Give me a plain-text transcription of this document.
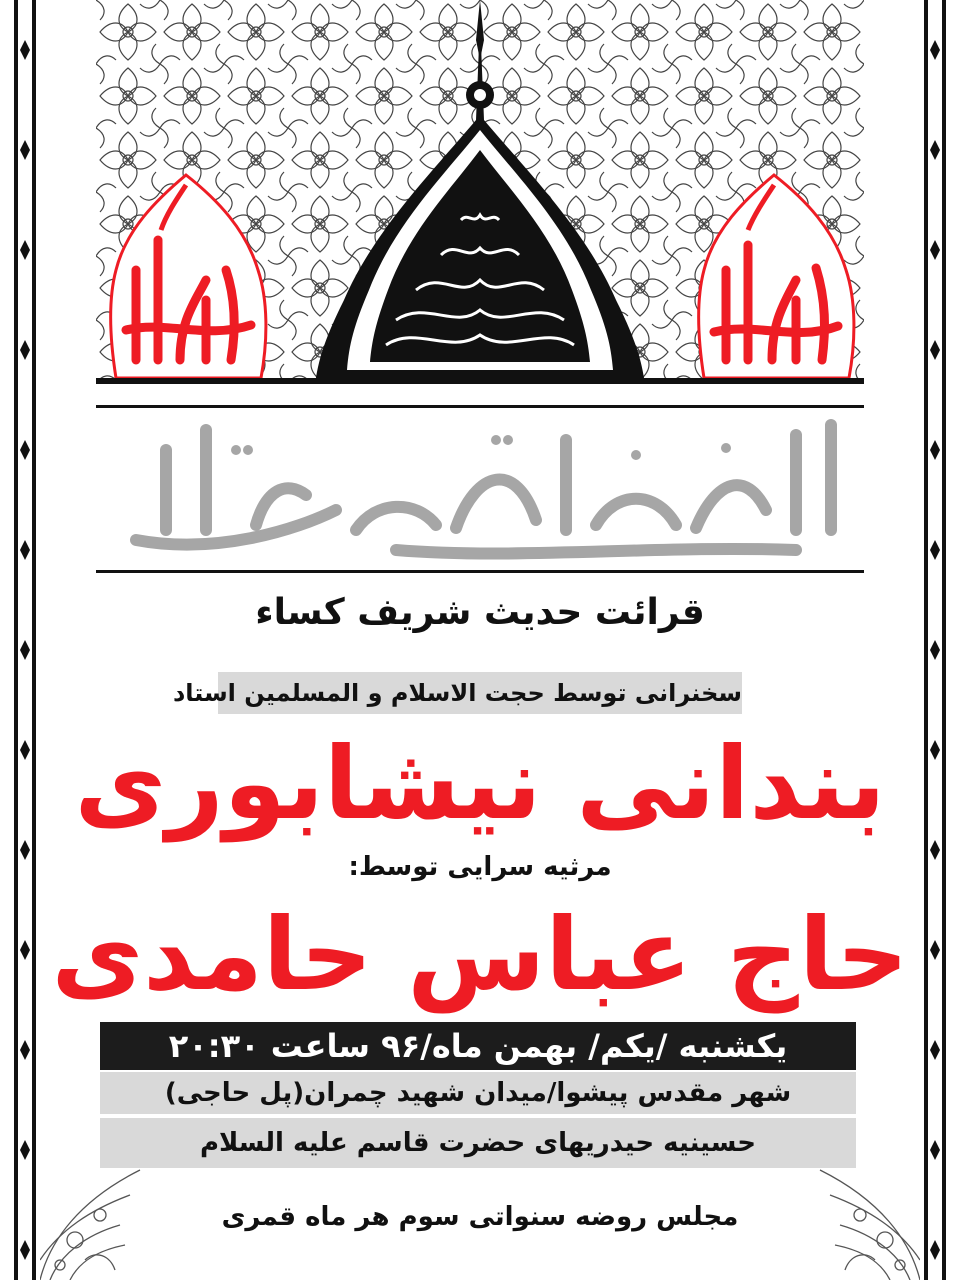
فاطمیه خط مقدم ماست
قرائت حدیث شریف کساء
سخنرانی توسط حجت الاسلام و المسلمین استاد
بندانی نیشابوری
مرثیه سرایی توسط:
حاج عباس حامدی
یکشنبه /یکم/ بهمن ماه/۹۶ ساعت ۲۰:۳۰
شهر مقدس پیشوا/میدان شهید چمران(پل حاجی)
حسینیه حیدریهای حضرت قاسم علیه السلام
مجلس روضه سنواتی سوم هر ماه قمری
